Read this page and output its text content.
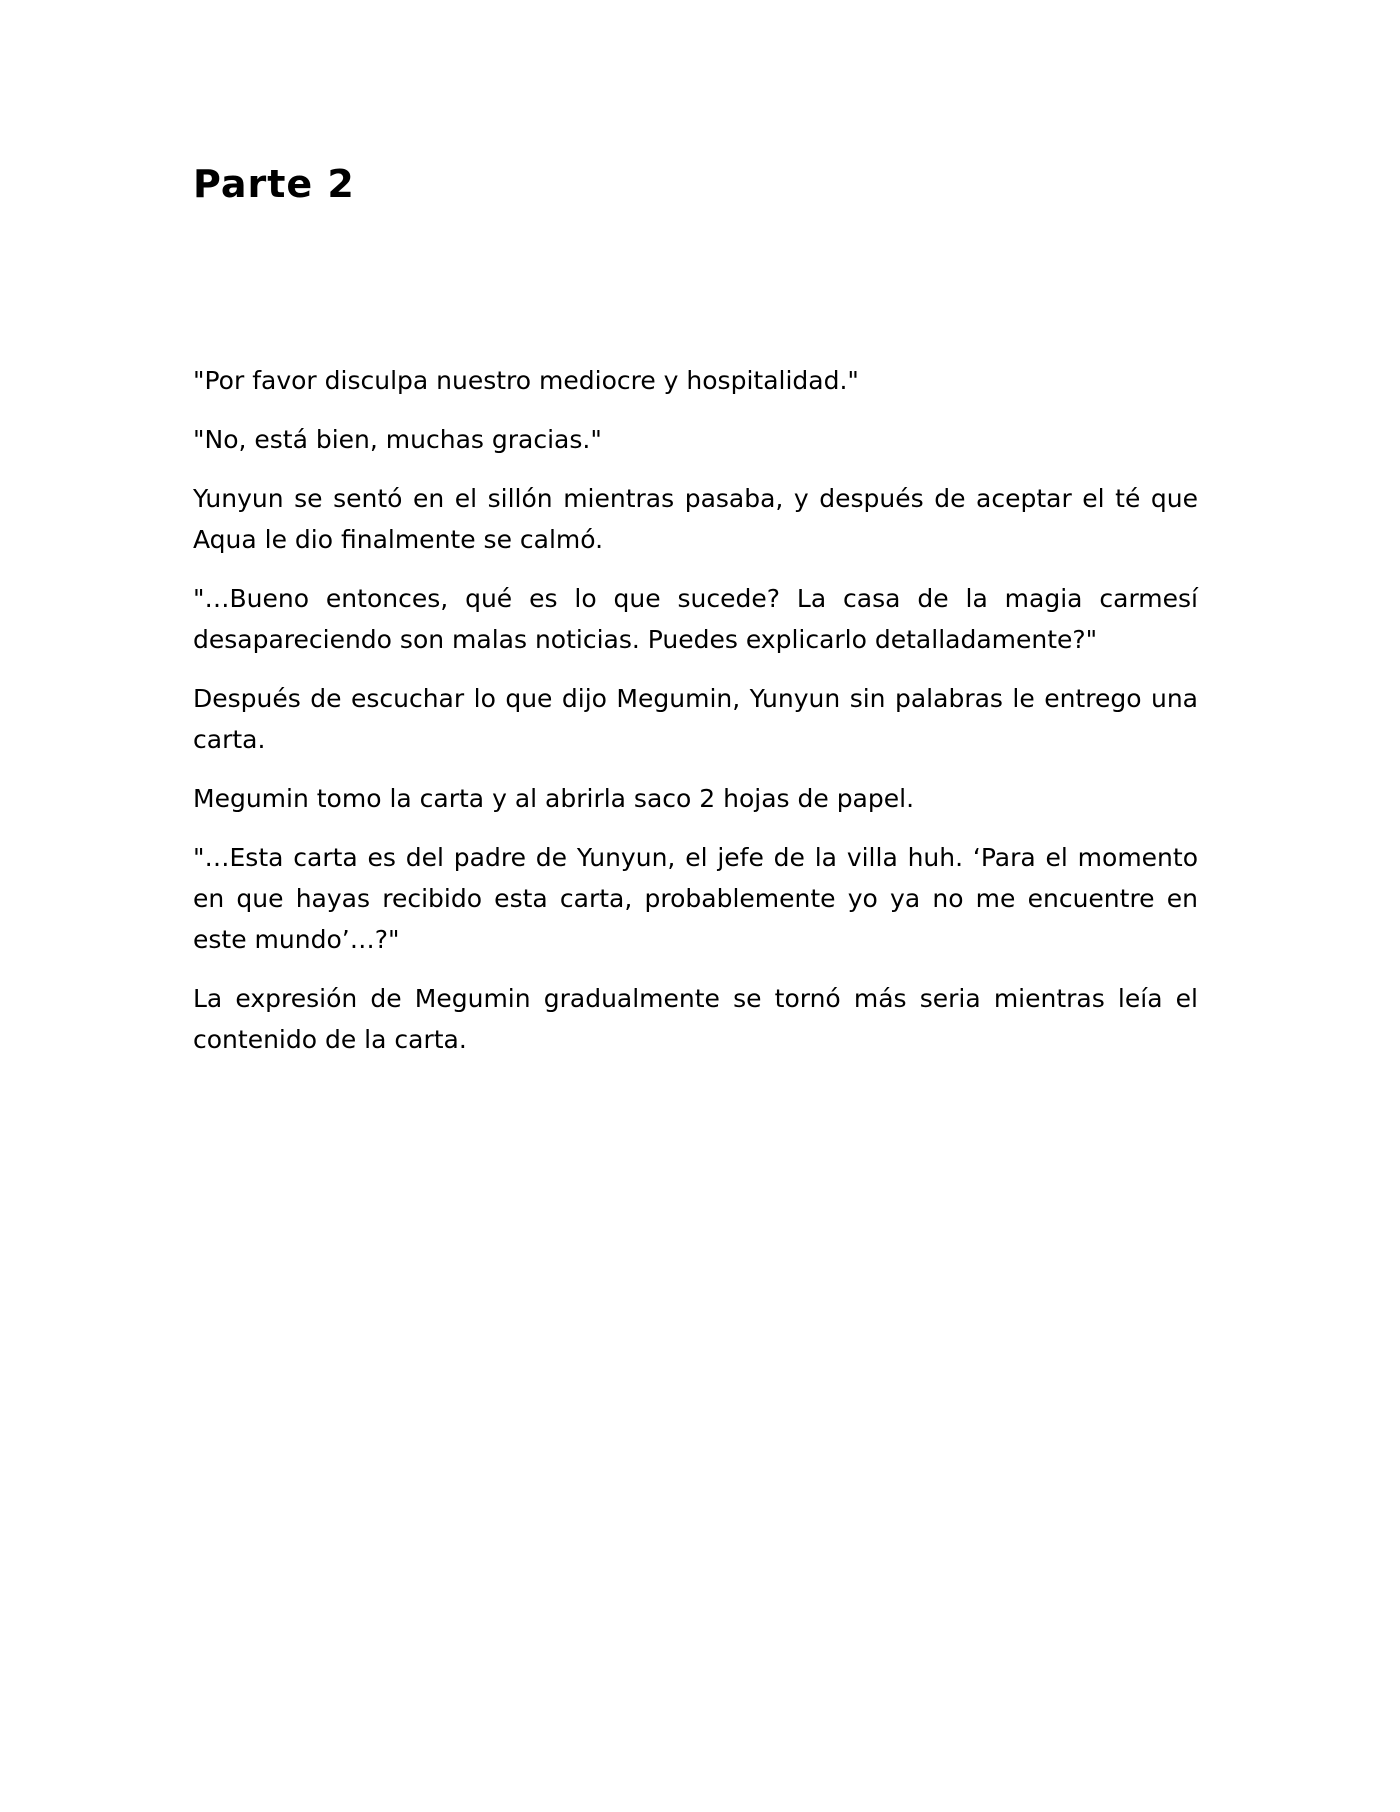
Parte 2

"Por favor disculpa nuestro mediocre y hospitalidad."

"No, está bien, muchas gracias."

Yunyun se sentó en el sillón mientras pasaba, y después de aceptar el té que Aqua le dio finalmente se calmó.

"…Bueno entonces, qué es lo que sucede? La casa de la magia carmesí desapareciendo son malas noticias. Puedes explicarlo detalladamente?"

Después de escuchar lo que dijo Megumin, Yunyun sin palabras le entrego una carta.

Megumin tomo la carta y al abrirla saco 2 hojas de papel.

"…Esta carta es del padre de Yunyun, el jefe de la villa huh. ‘Para el momento en que hayas recibido esta carta, probablemente yo ya no me encuentre en este mundo’…?"

La expresión de Megumin gradualmente se tornó más seria mientras leía el contenido de la carta.
